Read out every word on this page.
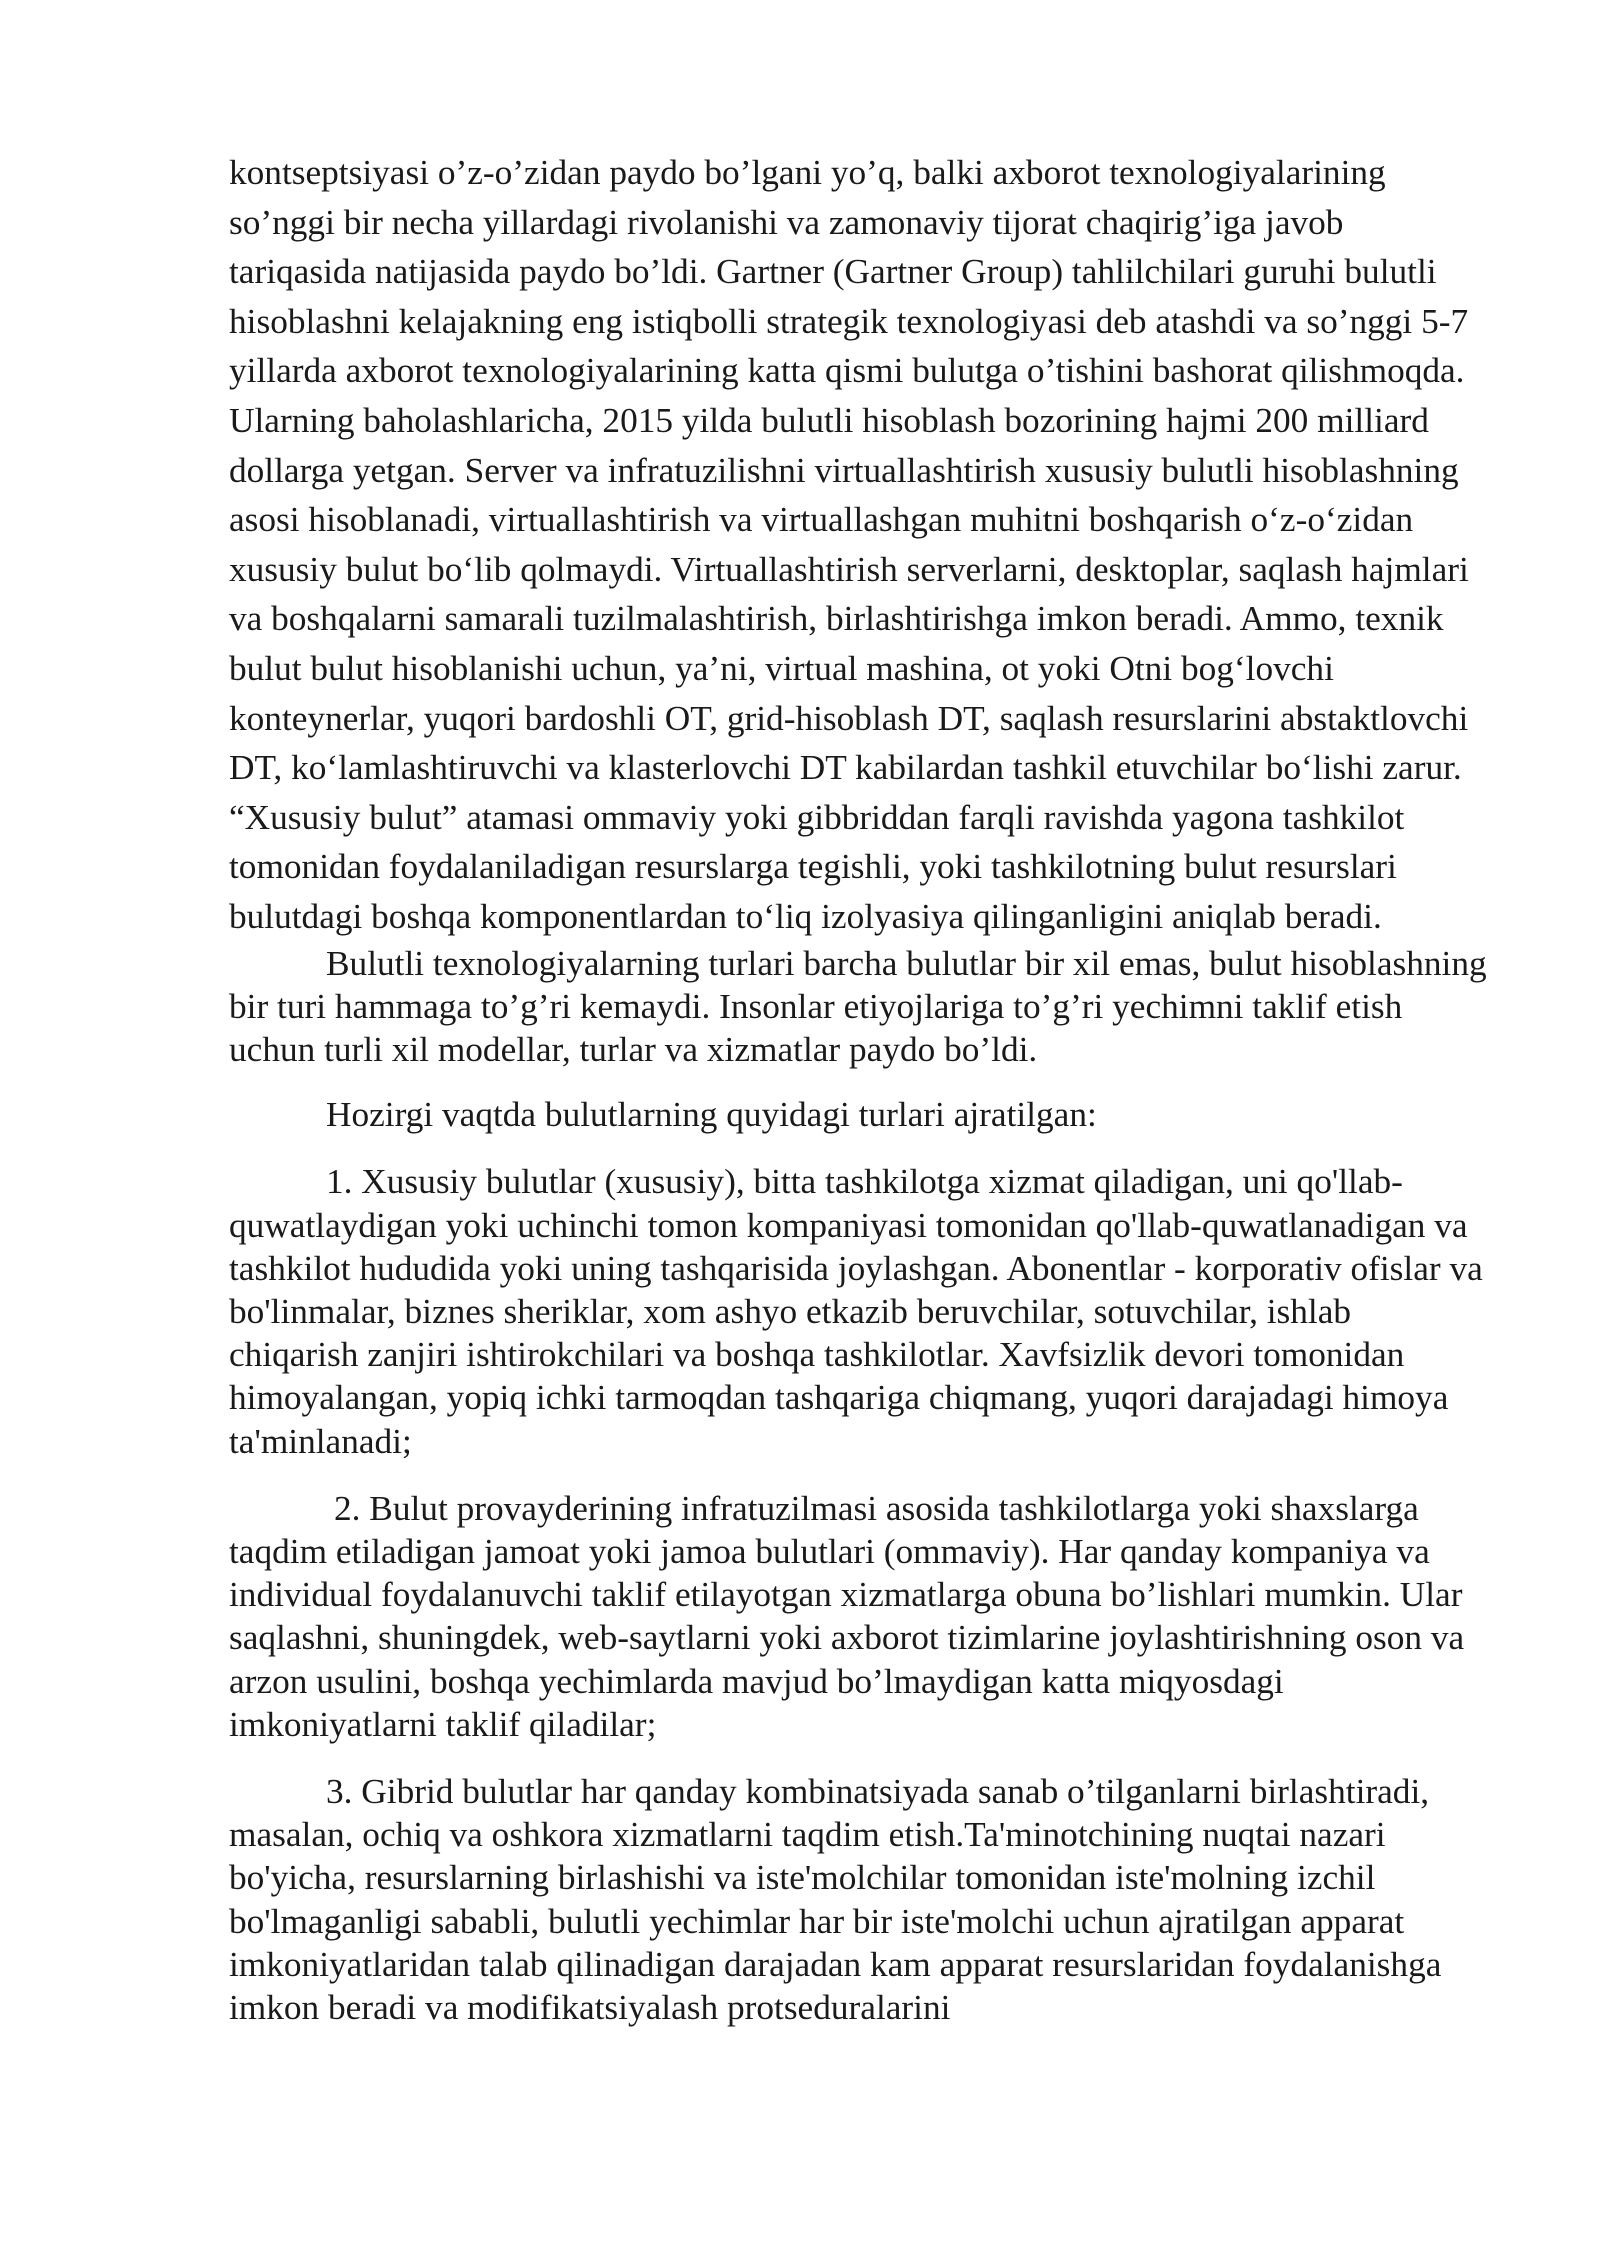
kontseptsiyasi o’z-o’zidan paydo bo’lgani yo’q, balki axborot texnologiyalarining so’nggi bir necha yillardagi rivolanishi va zamonaviy tijorat chaqirig’iga javob tariqasida natijasida paydo bo’ldi. Gartner (Gartner Group) tahlilchilari guruhi bulutli hisoblashni kelajakning eng istiqbolli strategik texnologiyasi deb atashdi va so’nggi 5-7 yillarda axborot texnologiyalarining katta qismi bulutga o’tishini bashorat qilishmoqda. Ularning baholashlaricha, 2015 yilda bulutli hisoblash bozorining hajmi 200 milliard dollarga yetgan. Server va infratuzilishni virtuallashtirish xususiy bulutli hisoblashning asosi hisoblanadi, virtuallashtirish va virtuallashgan muhitni boshqarish o‘z-o‘zidan xususiy bulut bo‘lib qolmaydi. Virtuallashtirish serverlarni, desktoplar, saqlash hajmlari va boshqalarni samarali tuzilmalashtirish, birlashtirishga imkon beradi. Ammo, texnik bulut bulut hisoblanishi uchun, ya’ni, virtual mashina, ot yoki Otni bog‘lovchi konteynerlar, yuqori bardoshli OT, grid-hisoblash DT, saqlash resurslarini abstaktlovchi DT, ko‘lamlashtiruvchi va klasterlovchi DT kabilardan tashkil etuvchilar bo‘lishi zarur. “Xususiy bulut” atamasi ommaviy yoki gibbriddan farqli ravishda yagona tashkilot tomonidan foydalaniladigan resurslarga tegishli, yoki tashkilotning bulut resurslari bulutdagi boshqa komponentlardan to‘liq izolyasiya qilinganligini aniqlab beradi.

Bulutli texnologiyalarning turlari barcha bulutlar bir xil emas, bulut hisoblashning bir turi hammaga to’g’ri kemaydi. Insonlar etiyojlariga to’g’ri yechimni taklif etish uchun turli xil modellar, turlar va xizmatlar paydo bo’ldi.

Hozirgi vaqtda bulutlarning quyidagi turlari ajratilgan:

1. Xususiy bulutlar (xususiy), bitta tashkilotga xizmat qiladigan, uni qo'llab-quwatlaydigan yoki uchinchi tomon kompaniyasi tomonidan qo'llab-quwatlanadigan va tashkilot hududida yoki uning tashqarisida joylashgan. Abonentlar - korporativ ofislar va bo'linmalar, biznes sheriklar, xom ashyo etkazib beruvchilar, sotuvchilar, ishlab chiqarish zanjiri ishtirokchilari va boshqa tashkilotlar. Xavfsizlik devori tomonidan himoyalangan, yopiq ichki tarmoqdan tashqariga chiqmang, yuqori darajadagi himoya ta'minlanadi;

2. Bulut provayderining infratuzilmasi asosida tashkilotlarga yoki shaxslarga taqdim etiladigan jamoat yoki jamoa bulutlari (ommaviy). Har qanday kompaniya va individual foydalanuvchi taklif etilayotgan xizmatlarga obuna bo’lishlari mumkin. Ular saqlashni, shuningdek, web-saytlarni yoki axborot tizimlarine joylashtirishning oson va arzon usulini, boshqa yechimlarda mavjud bo’lmaydigan katta miqyosdagi imkoniyatlarni taklif qiladilar;

3. Gibrid bulutlar har qanday kombinatsiyada sanab o’tilganlarni birlashtiradi, masalan, ochiq va oshkora xizmatlarni taqdim etish.Ta'minotchining nuqtai nazari bo'yicha, resurslarning birlashishi va iste'molchilar tomonidan iste'molning izchil bo'lmaganligi sababli, bulutli yechimlar har bir iste'molchi uchun ajratilgan apparat imkoniyatlaridan talab qilinadigan darajadan kam apparat resurslaridan foydalanishga imkon beradi va modifikatsiyalash protseduralarini
